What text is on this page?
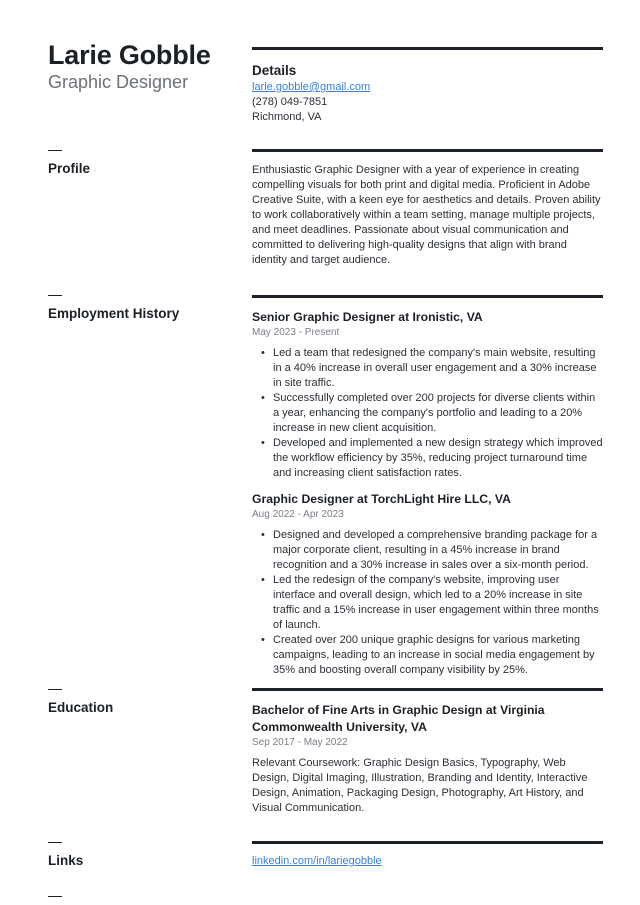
Larie Gobble
Graphic Designer

Details

larie.gobble@gmail.com

(278) 049-7851

Richmond, VA

Profile	Enthusiastic Graphic Designer with a year of experience in creating compelling visuals for both print and digital media. Proficient in Adobe Creative Suite, with a keen eye for aesthetics and details. Proven ability to work collaboratively within a team setting, manage multiple projects, and meet deadlines. Passionate about visual communication and committed to delivering high-quality designs that align with brand identity and target audience.

Employment History	Senior Graphic Designer at Ironistic, VA

May 2023 - Present

• Led a team that redesigned the company's main website, resulting in a 40% increase in overall user engagement and a 30% increase in site traffic.
• Successfully completed over 200 projects for diverse clients within a year, enhancing the company's portfolio and leading to a 20% increase in new client acquisition.
• Developed and implemented a new design strategy which improved the workflow efficiency by 35%, reducing project turnaround time and increasing client satisfaction rates.

Graphic Designer at TorchLight Hire LLC, VA

Aug 2022 - Apr 2023

• Designed and developed a comprehensive branding package for a major corporate client, resulting in a 45% increase in brand recognition and a 30% increase in sales over a six-month period.
• Led the redesign of the company's website, improving user interface and overall design, which led to a 20% increase in site traffic and a 15% increase in user engagement within three months of launch.
• Created over 200 unique graphic designs for various marketing campaigns, leading to an increase in social media engagement by 35% and boosting overall company visibility by 25%.
Education	Bachelor of Fine Arts in Graphic Design at Virginia Commonwealth University, VA

Sep 2017 - May 2022

Relevant Coursework: Graphic Design Basics, Typography, Web Design, Digital Imaging, Illustration, Branding and Identity, Interactive Design, Animation, Packaging Design, Photography, Art History, and Visual Communication.

Links	linkedin.com/in/lariegobble
